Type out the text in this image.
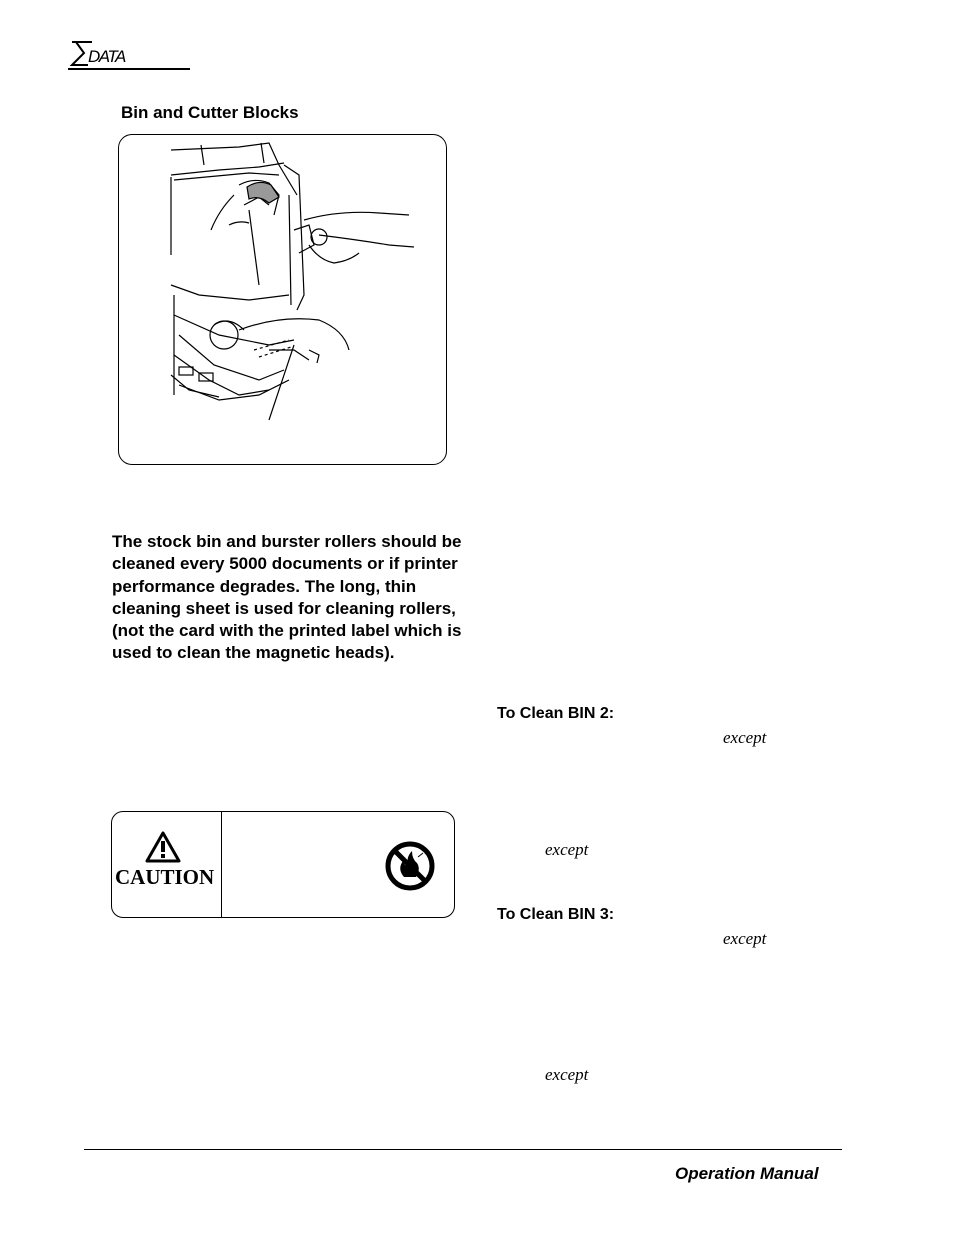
DATA
Bin and Cutter Blocks
The stock bin and burster rollers should be cleaned every 5000 documents or if printer performance degrades. The long, thin cleaning sheet is used for cleaning rollers, (not the card with the printed label which is used to clean the magnetic heads).
CAUTION
To Clean BIN 2:
except
except
To Clean BIN 3:
except
except
Operation Manual
